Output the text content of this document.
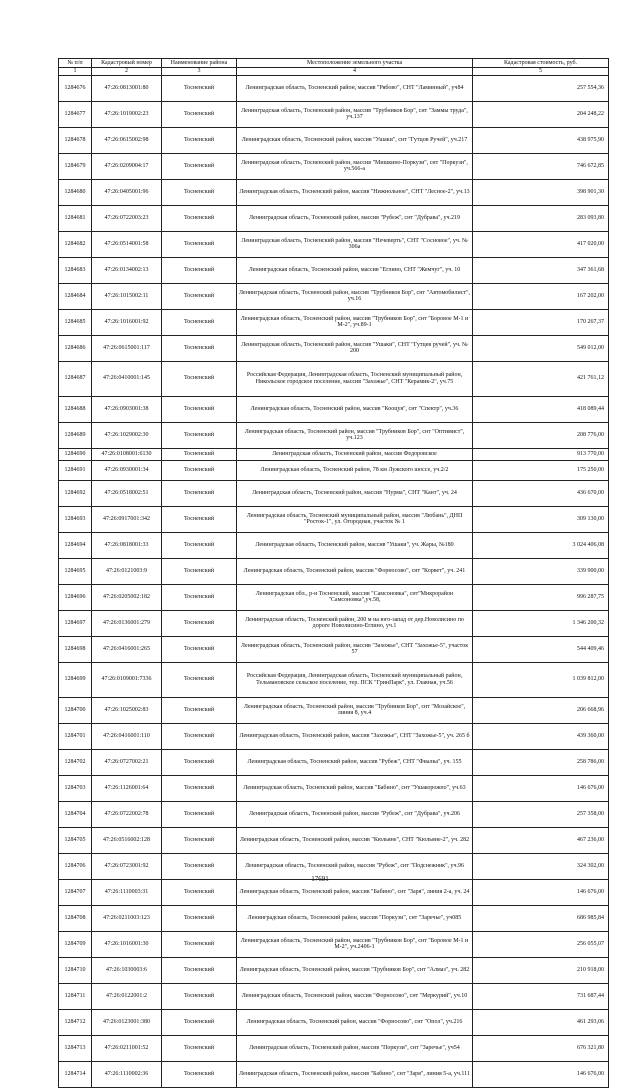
№ п/п	Кадастровый номер	Наименование района	Местоположение земельного участка	Кадастровая стоимость, руб.
1	2	3	4	5
1284676	47:26:0813001:80	Тосненский	Ленинградская область, Тосненский район, массив "Рябово", СНТ "Ламинный", уч84	257 554,36
1284677	47:26:1019002:23	Тосненский	Ленинградская область, Тосненский район, массив "Трубников Бор", снт "Заммы труда", уч.137	204 248,22
1284678	47:26:0615002:98	Тосненский	Ленинградская область, Тосненский район, массив "Ушаки", снт "Гутцов Ручей", уч.217	438 975,90
1284679	47:26:0209004:17	Тосненский	Ленинградская область, Тосненский район, массив "Мишкино-Поркузи", снт "Поркузи", уч.566-а	746 672,85
1284680	47:26:0405001:96	Тосненский	Ленинградская область, Тосненский район, массив "Нижнольное", СНТ "Лесное-2", уч.13	398 901,30
1284681	47:26:0722003:23	Тосненский	Ленинградская область, Тосненский район, массив "Рубеж", снт "Дубрава", уч.219	283 093,80
1284682	47:26:0514001:58	Тосненский	Ленинградская область, Тосненский район, массив "Нечеверть", СНТ "Сосновое", уч. № 306а	417 020,00
1284683	47:26:0134002:13	Тосненский	Ленинградская область, Тосненский район, массив "Еглино, СНТ "Жемчуг", уч. 10	347 361,68
1284684	47:26:1015002:11	Тосненский	Ленинградская область, Тосненский район, массив "Трубников Бор", снт "Автомобилист", уч.16	167 202,00
1284685	47:26:1016001:92	Тосненский	Ленинградская область, Тосненский район, массив "Трубников Бор", снт "Боровое М-1 и М-2", уч.89-1	170 267,37
1284686	47:26:0615001:117	Тосненский	Ленинградская область, Тосненский район, массив "Ушаки", СНТ "Гутцев ручей", уч. № 200	549 012,00
1284687	47:26:0410001:145	Тосненский	Российская Федерация, Ленинградская область, Тосненский муниципальный район, Никольское городское поселение, массив "Захожье", СНТ "Керамик-2", уч.75	421 761,12
1284688	47:26:0903001:38	Тосненский	Ленинградская область, Тосненский район, массив "Кооцуя", снт "Спектр", уч.36	418 089,44
1284689	47:26:1029002:30	Тосненский	Ленинградская область, Тосненский район, массив "Трубников Бор", снт "Оптимист", уч.123	208 776,00
1284690	47:26:0108001:6130	Тосненский	Ленинградская область, Тосненский район, массив Федоровское	913 770,00
1284691	47:26:0930001:34	Тосненский	Ленинградская область, Тосненский район, 78 км Лужского шоссе, уч.2/2	175 250,00
1284692	47:26:0518002:51	Тосненский	Ленинградская область, Тосненский район, массив "Нурма", СНТ "Кант", уч. 24	436 670,00
1284693	47:26:0917001:342	Тосненский	Ленинградская область, Тосненский муниципальный район, массив "Любань", ДНП "Росток-1", ул. Огородная, участок № 1	309 130,00
1284694	47:26:0818001:33	Тосненский	Ленинградская область, Тосненский район, массив "Ушаки", уч. Жары, №180	3 024 406,08
1284695	47:26:0121003:9	Тосненский	Ленинградская область, Тосненский район, массив "Форносово", снт "Корвет", уч. 241	339 900,00
1284696	47:26:0205002:182	Тосненский	Ленинградская обл., р-н Тосненский, массив "Самсоновка", снт"Микрорайон "Самсоновка",уч.58,	996 287,75
1284697	47:26:0136001:279	Тосненский	Ленинградская область, Тосненский район, 200 м на юго-запад от дер.Новолисино по дороге Новолисино-Еглино, уч.1	1 346 200,32
1284698	47:26:0416001:265	Тосненский	Ленинградская область, Тосненский район, массив "Захожье", СНТ "Захожье-5", участок 57	544 409,46
1284699	47:26:0109001:7336	Тосненский	Российская Федерация, Ленинградская область, Тосненский муниципальный район, Тельмановское сельское поселение, тер. ПСК "ГринПарк", ул. Главная, уч.56	1 039 812,00
1284700	47:26:1025002:83	Тосненский	Ленинградская область, Тосненский район, массив "Трубников Бор", снт "Мозайское", линия 8, уч.4	206 668,96
1284701	47:26:0416001:110	Тосненский	Ленинградская область, Тосненский район, массив "Захожье", СНТ "Захожье-5", уч. 265 б	439 360,00
1284702	47:26:0727002:21	Тосненский	Ленинградская область, Тосненский район, массив "Рубеж", СНТ "Фиалка", уч. 155	258 786,00
1284703	47:26:1126001:64	Тосненский	Ленинградская область, Тосненский район, массив "Бабино", снт "Ушакорожпо", уч.63	146 676,00
1284704	47:26:0722002:78	Тосненский	Ленинградская область, Тосненский район, массив "Рубеж", снт "Дубрава", уч.206	257 358,00
1284705	47:26:0516002:128	Тосненский	Ленинградская область, Тосненский район, массив "Кюльяне", СНТ "Кюльяне-2", уч. 282	467 236,00
1284706	47:26:0723001:92	Тосненский	Ленинградская область, Тосненский район, массив "Рубеж", снт "Подснежник", уч.96	324 302,00
1284707	47:26:1110003:31	Тосненский	Ленинградская область, Тосненский район, массив "Бабино", снт "Заря", линия 2-а, уч. 24	146 676,00
1284708	47:26:0211003:123	Тосненский	Ленинградская область, Тосненский район, массив "Поркузи", снт "Заречье", уч085	686 985,84
1284709	47:26:1016001:30	Тосненский	Ленинградская область, Тосненский район, массив "Трубников Бор", снт "Боровое М-1 и М-2", уч.2406-1	256 055,07
1284710	47:26:1030003:6	Тосненский	Ленинградская область, Тосненский район, массив "Трубников Бор", снт "Алмаз", уч. 282	210 918,00
1284711	47:26:0122001:2	Тосненский	Ленинградская область, Тосненский район, массив "Форносово", снт "Меркурий", уч.10	731 687,44
1284712	47:26:0123001:380	Тосненский	Ленинградская область, Тосненский район, массив "Форносово", снт "Опол", уч.216	461 293,06
1284713	47:26:0211001:52	Тосненский	Ленинградская область, Тосненский район, массив "Поркузи", снт "Заречье", уч54	676 321,80
1284714	47:26:1110002:36	Тосненский	Ленинградская область, Тосненский район, массив "Бабино", снт "Заря", линия 5-а, уч.111	146 676,00
17691
